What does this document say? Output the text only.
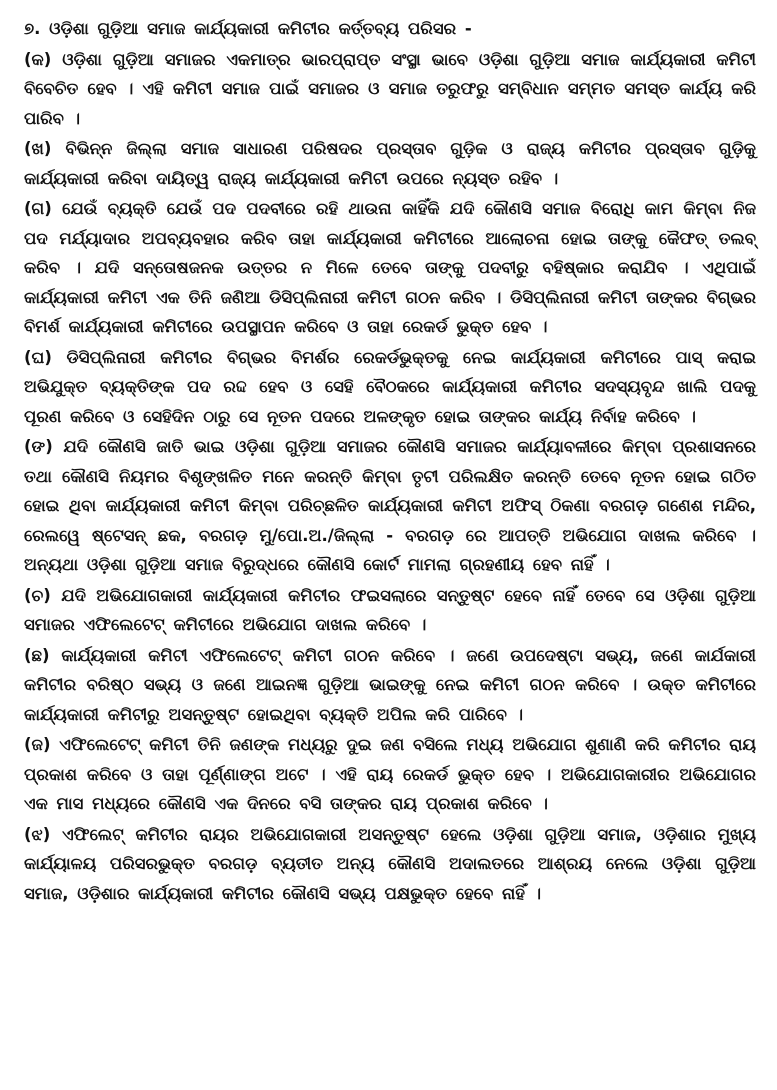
୭. ଓଡ଼ିଶା ଗୁଡ଼ିଆ ସମାଜ କାର୍ଯ୍ୟକାରୀ କମିଟୀର କର୍ତ୍ତବ୍ୟ ପରିସର -
(କ) ଓଡ଼ିଶା ଗୁଡ଼ିଆ ସମାଜର ଏକମାତ୍ର ଭାରପ୍ରାପ୍ତ ସଂସ୍ଥା ଭାବେ ଓଡ଼ିଶା ଗୁଡ଼ିଆ ସମାଜ କାର୍ଯ୍ୟକାରୀ କମିଟୀ ବିବେଚିତ ହେବ । ଏହି କମିଟୀ ସମାଜ ପାଇଁ ସମାଜର ଓ ସମାଜ ତରୁଫରୁ ସମ୍ବିଧାନ ସମ୍ମତ ସମସ୍ତ କାର୍ଯ୍ୟ କରି ପାରିବ ।
(ଖ) ବିଭିନ୍ନ ଜିଲ୍ଲା ସମାଜ ସାଧାରଣ ପରିଷଦର ପ୍ରସ୍ତାବ ଗୁଡ଼ିକ ଓ ରାଜ୍ୟ କମିଟୀର ପ୍ରସ୍ତାବ ଗୁଡ଼ିକୁ କାର୍ଯ୍ୟକାରୀ କରିବା ଦାୟିତ୍ୱ ରାଜ୍ୟ କାର୍ଯ୍ୟକାରୀ କମିଟୀ ଉପରେ ନ୍ୟସ୍ତ ରହିବ ।
(ଗ) ଯେଉଁ ବ୍ୟକ୍ତି ଯେଉଁ ପଦ ପଦବୀରେ ରହି ଥାଉନା କାହିଁକି ଯଦି କୌଣସି ସମାଜ ବିରୋଧି କାମ କିମ୍ବା ନିଜ ପଦ ମର୍ଯ୍ୟାଦାର ଅପବ୍ୟବହାର କରିବ ତାହା କାର୍ଯ୍ୟକାରୀ କମିଟୀରେ ଆଲୋଚନା ହୋଇ ତାଙ୍କୁ କୈଫତ୍ ତଲବ୍ କରିବ । ଯଦି ସନ୍ତୋଷଜନକ ଉତ୍ତର ନ ମିଳେ ତେବେ ତାଙ୍କୁ ପଦବୀରୁ ବହିଷ୍କାର କରାଯିବ । ଏଥିପାଇଁ କାର୍ଯ୍ୟକାରୀ କମିଟୀ ଏକ ତିନି ଜଣିଆ ଡିସିପ୍ଲିନାରୀ କମିଟୀ ଗଠନ କରିବ । ଡିସିପ୍ଲିନାରୀ କମିଟୀ ତାଙ୍କର ବିଗ୍ଭର ବିମର୍ଶ କାର୍ଯ୍ୟକାରୀ କମିଟୀରେ ଉପସ୍ଥାପନ କରିବେ ଓ ତାହା ରେକର୍ଡ ଭୁକ୍ତ ହେବ ।
(ଘ) ଡିସିପ୍ଲିନାରୀ କମିଟୀର ବିଗ୍ଭର ବିମର୍ଶର ରେକର୍ଡଭୁକ୍ତକୁ ନେଇ କାର୍ଯ୍ୟକାରୀ କମିଟୀରେ ପାସ୍ କରାଇ ଅଭିଯୁକ୍ତ ବ୍ୟକ୍ତିଙ୍କ ପଦ ରଦ୍ଦ ହେବ ଓ ସେହି ବୈଠକରେ କାର୍ଯ୍ୟକାରୀ କମିଟୀର ସଦସ୍ୟବୃନ୍ଦ ଖାଲି ପଦକୁ ପୂରଣ କରିବେ ଓ ସେହିଦିନ ଠାରୁ ସେ ନୂତନ ପଦରେ ଅଳଙ୍କୃତ ହୋଇ ତାଙ୍କର କାର୍ଯ୍ୟ ନିର୍ବାହ କରିବେ ।
(ଙ) ଯଦି କୌଣସି ଜାତି ଭାଇ ଓଡ଼ିଶା ଗୁଡ଼ିଆ ସମାଜର କୌଣସି ସମାଜର କାର୍ଯ୍ୟାବଳୀରେ କିମ୍ବା ପ୍ରଶାସନରେ ତଥା କୌଣସି ନିୟମର ବିଶୃଙ୍ଖଳିତ ମନେ କରନ୍ତି କିମ୍ବା ତୃଟୀ ପରିଲକ୍ଷିତ କରନ୍ତି ତେବେ ନୂତନ ହୋଇ ଗଠିତ ହୋଇ ଥିବା କାର୍ଯ୍ୟକାରୀ କମିଟୀ କିମ୍ବା ପରିଚ୍ଛଳିତ କାର୍ଯ୍ୟକାରୀ କମିଟୀ ଅଫିସ୍ ଠିକଣା ବରଗଡ଼ ଗଣେଶ ମନ୍ଦିର, ରେଲୱେ ଷ୍ଟେସନ୍ ଛକ, ବରଗଡ଼ ମୁ/ପୋ.ଅ./ଜିଲ୍ଲା - ବରଗଡ଼ ରେ ଆପତ୍ତି ଅଭିଯୋଗ ଦାଖଲ କରିବେ । ଅନ୍ୟଥା ଓଡ଼ିଶା ଗୁଡ଼ିଆ ସମାଜ ବିରୁଦ୍ଧରେ କୌଣସି କୋର୍ଟ ମାମଲା ଗ୍ରହଣୀୟ ହେବ ନାହିଁ ।
(ଚ) ଯଦି ଅଭିଯୋଗକାରୀ କାର୍ଯ୍ୟକାରୀ କମିଟୀର ଫଇସଲାରେ ସନ୍ତୁଷ୍ଟ ହେବେ ନାହିଁ ତେବେ ସେ ଓଡ଼ିଶା ଗୁଡ଼ିଆ ସମାଜର ଏଫିଲେଟେଟ୍ କମିଟୀରେ ଅଭିଯୋଗ ଦାଖଲ କରିବେ ।
(ଛ) କାର୍ଯ୍ୟକାରୀ କମିଟୀ ଏଫିଲେଟେଟ୍ କମିଟୀ ଗଠନ କରିବେ । ଜଣେ ଉପଦେଷ୍ଟା ସଭ୍ୟ, ଜଣେ କାର୍ଯକାରୀ କମିଟୀର ବରିଷ୍ଠ ସଭ୍ୟ ଓ ଜଣେ ଆଇନଜ୍ଞ ଗୁଡ଼ିଆ ଭାଇଙ୍କୁ ନେଇ କମିଟୀ ଗଠନ କରିବେ । ଉକ୍ତ କମିଟୀରେ କାର୍ଯ୍ୟକାରୀ କମିଟୀରୁ ଅସନ୍ତୁଷ୍ଟ ହୋଇଥିବା ବ୍ୟକ୍ତି ଅପିଲ କରି ପାରିବେ ।
(ଜ) ଏଫିଲେଟେଟ୍ କମିଟୀ ତିନି ଜଣଙ୍କ ମଧ୍ୟରୁ ଦୁଇ ଜଣ ବସିଲେ ମଧ୍ୟ ଅଭିଯୋଗ ଶୁଣାଣି କରି କମିଟୀର ରାୟ ପ୍ରକାଶ କରିବେ ଓ ତାହା ପୂର୍ଣ୍ଣାଙ୍ଗ ଅଟେ । ଏହି ରାୟ ରେକର୍ଡ ଭୁକ୍ତ ହେବ । ଅଭିଯୋଗକାରୀର ଅଭିଯୋଗର ଏକ ମାସ ମଧ୍ୟରେ କୌଣସି ଏକ ଦିନରେ ବସି ତାଙ୍କର ରାୟ ପ୍ରକାଶ କରିବେ ।
(ଝ) ଏଫିଲେଟ୍ କମିଟୀର ରାୟର ଅଭିଯୋଗକାରୀ ଅସନ୍ତୁଷ୍ଟ ହେଲେ ଓଡ଼ିଶା ଗୁଡ଼ିଆ ସମାଜ, ଓଡ଼ିଶାର ମୁଖ୍ୟ କାର୍ଯ୍ୟାଳୟ ପରିସରଭୁକ୍ତ ବରଗଡ଼ ବ୍ୟତୀତ ଅନ୍ୟ କୌଣସି ଅଦାଲତରେ ଆଶ୍ରୟ ନେଲେ ଓଡ଼ିଶା ଗୁଡ଼ିଆ ସମାଜ, ଓଡ଼ିଶାର କାର୍ଯ୍ୟକାରୀ କମିଟୀର କୌଣସି ସଭ୍ୟ ପକ୍ଷଭୁକ୍ତ ହେବେ ନାହିଁ ।
